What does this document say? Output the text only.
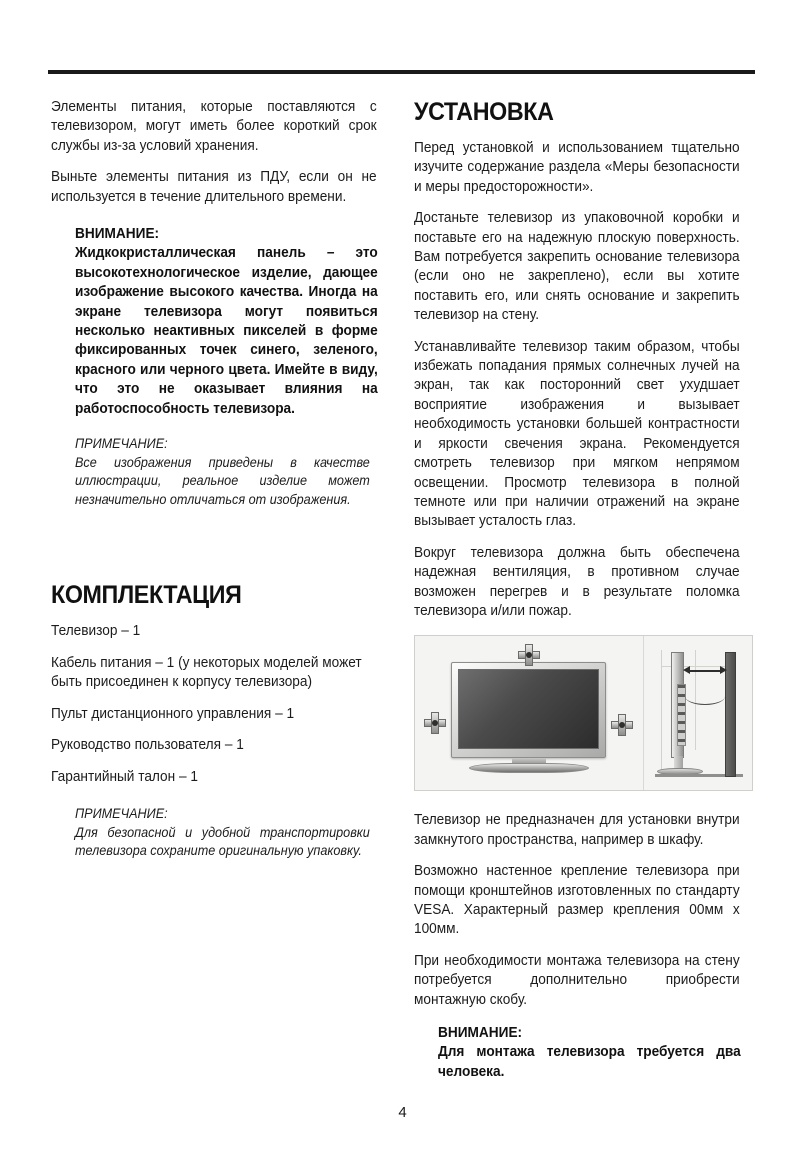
Элементы питания, которые поставляются с телевизором, могут иметь более короткий срок службы из-за условий хранения.

Выньте элементы питания из ПДУ, если он не используется в течение длительного времени.

ВНИМАНИЕ:

Жидкокристаллическая панель – это высокотехнологическое изделие, дающее изображение высокого качества. Иногда на экране телевизора могут появиться несколько неактивных пикселей в форме фиксированных точек синего, зеленого, красного или черного цвета. Имейте в виду, что это не оказывает влияния на работоспособность телевизора.

ПРИМЕЧАНИЕ:

Все изображения приведены в качестве иллюстрации, реальное изделие может незначительно отличаться от изображения.

КОМПЛЕКТАЦИЯ

Телевизор – 1

Кабель питания – 1 (у некоторых моделей может быть присоединен к корпусу телевизора)

Пульт дистанционного управления – 1

Руководство пользователя – 1

Гарантийный талон – 1

ПРИМЕЧАНИЕ:

Для безопасной и удобной транспортировки телевизора сохраните оригинальную упаковку.

УСТАНОВКА

Перед установкой и использованием тщательно изучите содержание раздела «Меры безопасности и меры предосторожности».

Достаньте телевизор из упаковочной коробки и поставьте его на надежную плоскую поверхность. Вам потребуется закрепить основание телевизора (если оно не закреплено), если вы хотите поставить его, или снять основание и закрепить телевизор на стену.

Устанавливайте телевизор таким образом, чтобы избежать попадания прямых солнечных лучей на экран, так как посторонний свет ухудшает восприятие изображения и вызывает необходимость установки большей контрастности и яркости свечения экрана. Рекомендуется смотреть телевизор при мягком непрямом освещении. Просмотр телевизора в полной темноте или при наличии отражений на экране вызывает усталость глаз.

Вокруг телевизора должна быть обеспечена надежная вентиляция, в противном случае возможен перегрев и в результате поломка телевизора и/или пожар.

Телевизор не предназначен для установки внутри замкнутого пространства, например в шкафу.

Возможно настенное крепление телевизора при помощи кронштейнов изготовленных по стандарту VESA. Характерный размер крепления 00мм х 100мм.

При необходимости монтажа телевизора на стену потребуется дополнительно приобрести монтажную скобу.

ВНИМАНИЕ:

Для монтажа телевизора требуется два человека.

4
